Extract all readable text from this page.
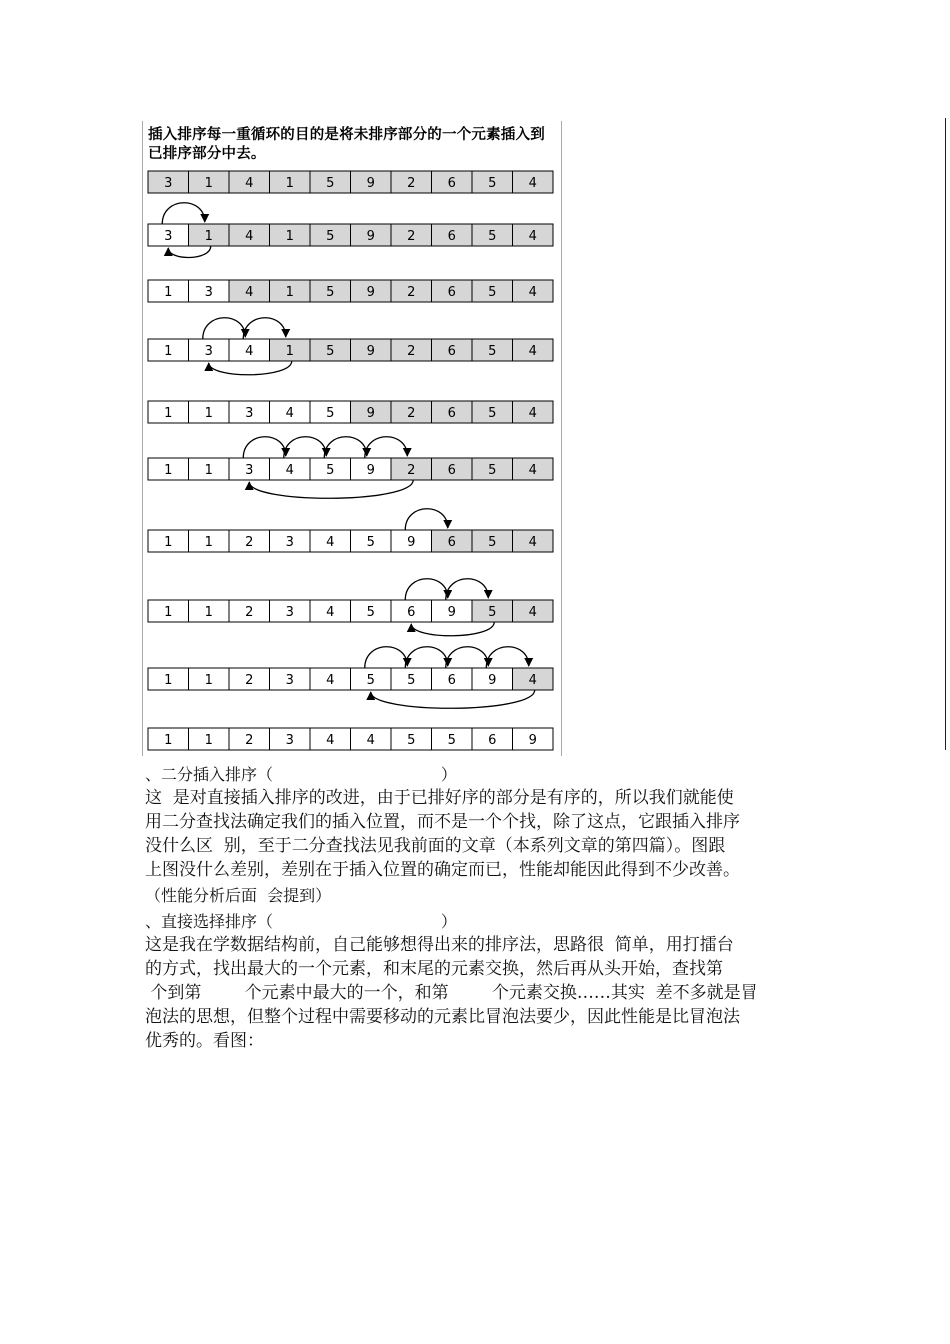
插入排序每一重循环的目的是将未排序部分的一个元素插入到
已排序部分中去。
3 1 4 1 5 9 2 6 5 4
3 1 4 1 5 9 2 6 5 4
1 3 4 1 5 9 2 6 5 4
1 3 4 1 5 9 2 6 5 4
1 1 3 4 5 9 2 6 5 4
1 1 3 4 5 9 2 6 5 4
1 1 2 3 4 5 9 6 5 4
1 1 2 3 4 5 6 9 5 4
1 1 2 3 4 5 5 6 9 4
1 1 2 3 4 4 5 5 6 9
、二分插入排序（                                 ）
这  是对直接插入排序的改进，由于已排好序的部分是有序的，所以我们就能使
用二分查找法确定我们的插入位置，而不是一个个找，除了这点，它跟插入排序
没什么区  别，至于二分查找法见我前面的文章（本系列文章的第四篇）。图跟
上图没什么差别，差别在于插入位置的确定而已，性能却能因此得到不少改善。
（性能分析后面  会提到）
、直接选择排序（                                 ）
这是我在学数据结构前，自己能够想得出来的排序法，思路很  简单，用打擂台
的方式，找出最大的一个元素，和末尾的元素交换，然后再从头开始，查找第
个到第        个元素中最大的一个，和第        个元素交换……其实  差不多就是冒
泡法的思想，但整个过程中需要移动的元素比冒泡法要少，因此性能是比冒泡法
优秀的。看图：
